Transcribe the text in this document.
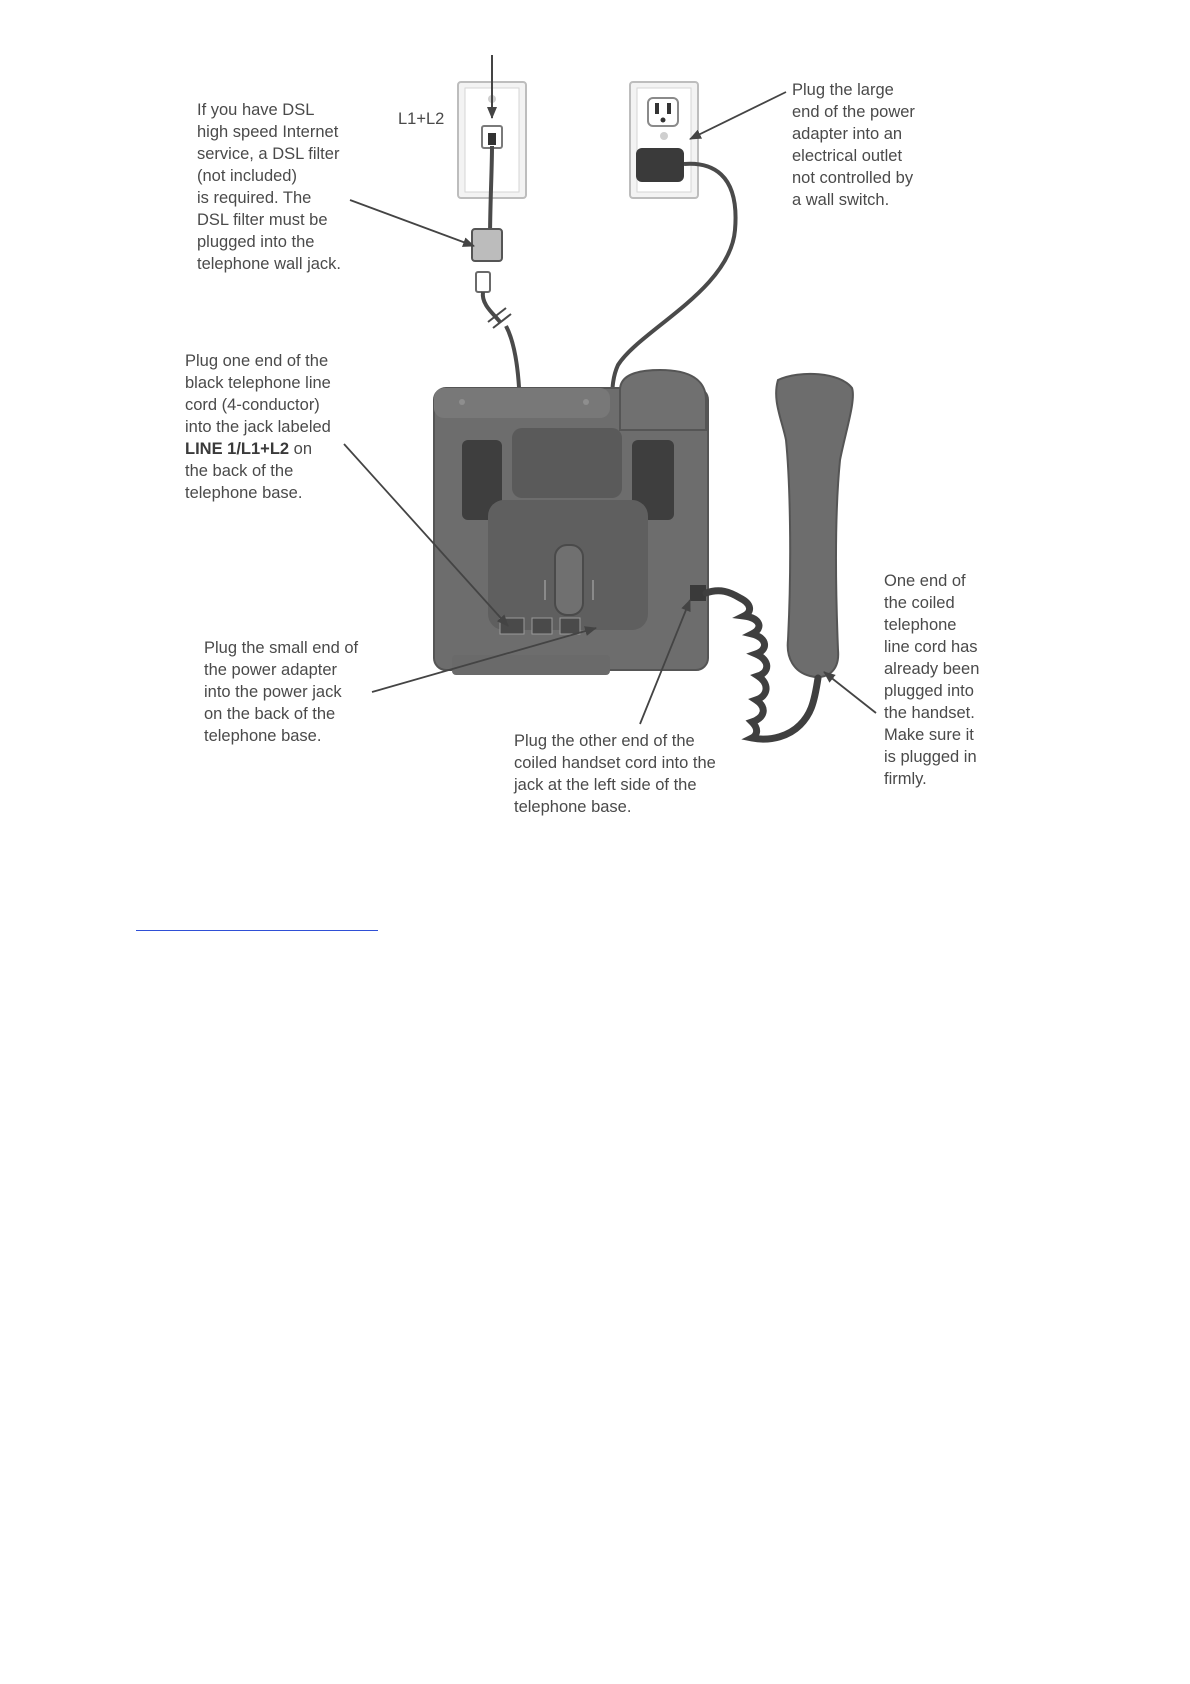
L1+L2
If you have DSL
high speed Internet
service, a DSL filter
(not included)
is required. The
DSL filter must be
plugged into the
telephone wall jack.
Plug the large
end of the power
adapter into an
electrical outlet
not controlled by
a wall switch.
Plug one end of the
black telephone line
cord (4-conductor)
into the jack labeled
LINE 1/L1+L2 on
the back of the
telephone base.
Plug the small end of
the power adapter
into the power jack
on the back of the
telephone base.	Plug the other end of the
coiled handset cord into the
jack at the left side of the
telephone base.
One end of
the coiled
telephone
line cord has
already been
plugged into
the handset.
Make sure it
is plugged in
firmly.
